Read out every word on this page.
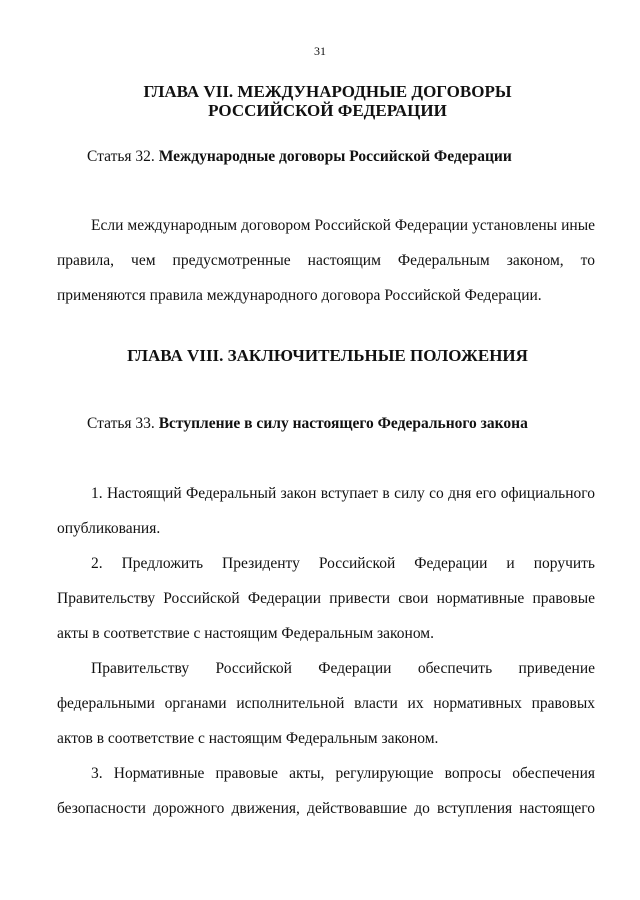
31
ГЛАВА VII. МЕЖДУНАРОДНЫЕ ДОГОВОРЫ
РОССИЙСКОЙ ФЕДЕРАЦИИ
Статья 32. Международные договоры Российской Федерации

Если международным договором Российской Федерации установлены иные правила, чем предусмотренные настоящим Федеральным законом, то применяются правила международного договора Российской Федерации.

ГЛАВА VIII. ЗАКЛЮЧИТЕЛЬНЫЕ ПОЛОЖЕНИЯ
Статья 33. Вступление в силу настоящего Федерального закона

1. Настоящий Федеральный закон вступает в силу со дня его официального опубликования.

2. Предложить Президенту Российской Федерации и поручить Правительству Российской Федерации привести свои нормативные правовые акты в соответствие с настоящим Федеральным законом.

Правительству Российской Федерации обеспечить приведение федеральными органами исполнительной власти их нормативных правовых актов в соответствие с настоящим Федеральным законом.

3. Нормативные правовые акты, регулирующие вопросы обеспечения безопасности дорожного движения, действовавшие до вступления настоящего
